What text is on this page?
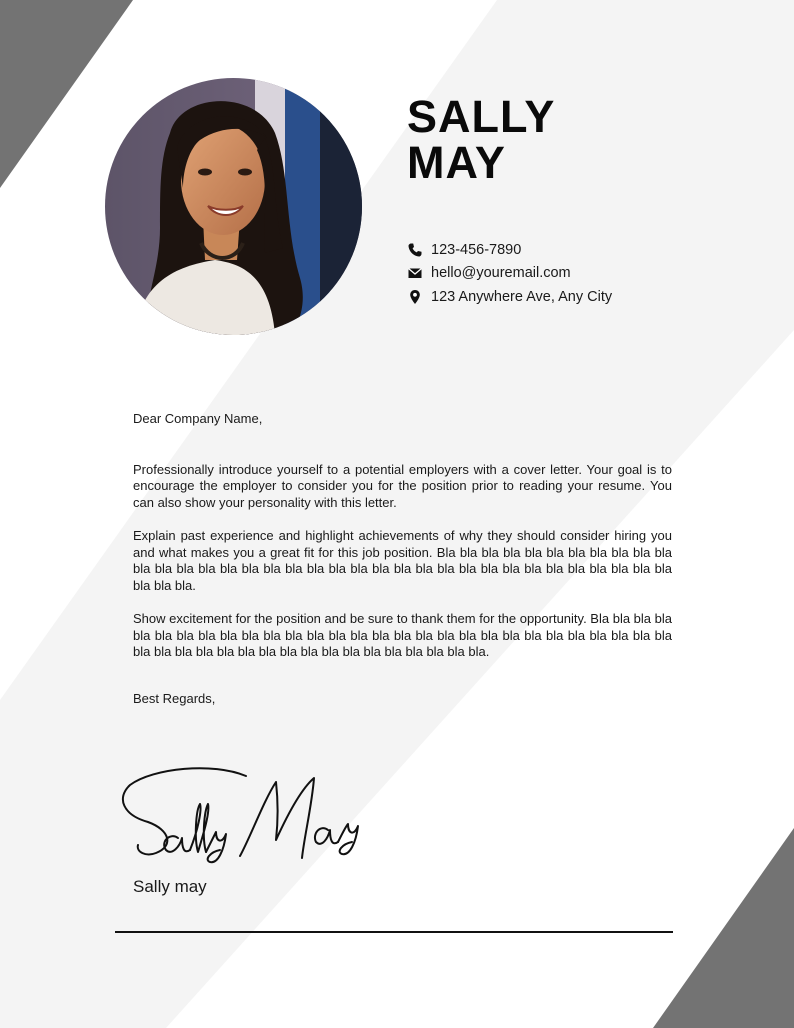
SALLY
MAY
123-456-7890
hello@youremail.com
123 Anywhere Ave, Any City

Dear Company Name,

Professionally introduce yourself to a potential employers with a cover letter. Your goal is to encourage the employer to consider you for the position prior to reading your resume. You can also show your personality with this letter.

Explain past experience and highlight achievements of why they should consider hiring you and what makes you a great fit for this job position. Bla bla bla bla bla bla bla bla bla bla bla bla bla bla bla bla bla bla bla bla bla bla bla bla bla bla bla bla bla bla bla bla bla bla bla bla bla bla bla.

Show excitement for the position and be sure to thank them for the opportunity. Bla bla bla bla bla bla bla bla bla bla bla bla bla bla bla bla bla bla bla bla bla bla bla bla bla bla bla bla bla bla bla bla bla bla bla bla bla bla bla bla bla bla bla bla bla bla.

Best Regards,
Sally may
